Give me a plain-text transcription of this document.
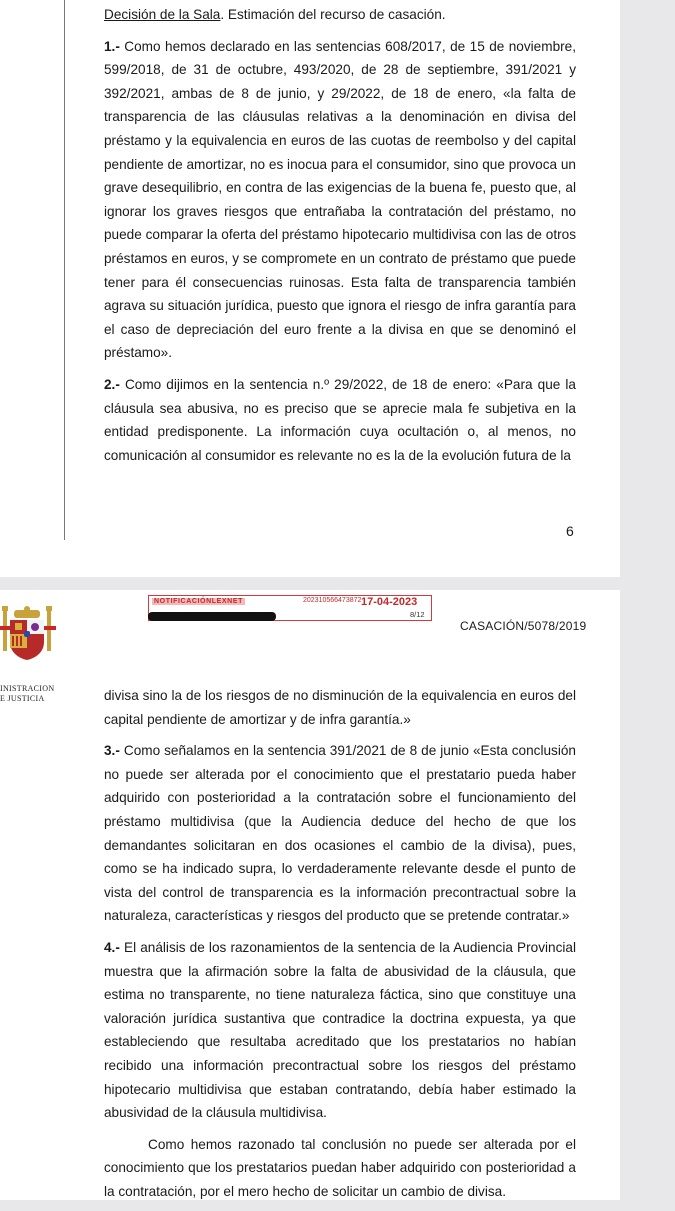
Decisión de la Sala. Estimación del recurso de casación.

1.- Como hemos declarado en las sentencias 608/2017, de 15 de noviembre, 599/2018, de 31 de octubre, 493/2020, de 28 de septiembre, 391/2021 y 392/2021, ambas de 8 de junio, y 29/2022, de 18 de enero, «la falta de transparencia de las cláusulas relativas a la denominación en divisa del préstamo y la equivalencia en euros de las cuotas de reembolso y del capital pendiente de amortizar, no es inocua para el consumidor, sino que provoca un grave desequilibrio, en contra de las exigencias de la buena fe, puesto que, al ignorar los graves riesgos que entrañaba la contratación del préstamo, no puede comparar la oferta del préstamo hipotecario multidivisa con las de otros préstamos en euros, y se compromete en un contrato de préstamo que puede tener para él consecuencias ruinosas. Esta falta de transparencia también agrava su situación jurídica, puesto que ignora el riesgo de infra garantía para el caso de depreciación del euro frente a la divisa en que se denominó el préstamo».

2.- Como dijimos en la sentencia n.º 29/2022, de 18 de enero: «Para que la cláusula sea abusiva, no es preciso que se aprecie mala fe subjetiva en la entidad predisponente. La información cuya ocultación o, al menos, no comunicación al consumidor es relevante no es la de la evolución futura de la

6
INISTRACION
E JUSTICIA
NOTIFICACIÓNLEXNET	202310566473872 17-04-2023
8/12
CASACIÓN/5078/2019

divisa sino la de los riesgos de no disminución de la equivalencia en euros del capital pendiente de amortizar y de infra garantía.»

3.- Como señalamos en la sentencia 391/2021 de 8 de junio «Esta conclusión no puede ser alterada por el conocimiento que el prestatario pueda haber adquirido con posterioridad a la contratación sobre el funcionamiento del préstamo multidivisa (que la Audiencia deduce del hecho de que los demandantes solicitaran en dos ocasiones el cambio de la divisa), pues, como se ha indicado supra, lo verdaderamente relevante desde el punto de vista del control de transparencia es la información precontractual sobre la naturaleza, características y riesgos del producto que se pretende contratar.»

4.- El análisis de los razonamientos de la sentencia de la Audiencia Provincial muestra que la afirmación sobre la falta de abusividad de la cláusula, que estima no transparente, no tiene naturaleza fáctica, sino que constituye una valoración jurídica sustantiva que contradice la doctrina expuesta, ya que estableciendo que resultaba acreditado que los prestatarios no habían recibido una información precontractual sobre los riesgos del préstamo hipotecario multidivisa que estaban contratando, debía haber estimado la abusividad de la cláusula multidivisa.

Como hemos razonado tal conclusión no puede ser alterada por el conocimiento que los prestatarios puedan haber adquirido con posterioridad a la contratación, por el mero hecho de solicitar un cambio de divisa.
